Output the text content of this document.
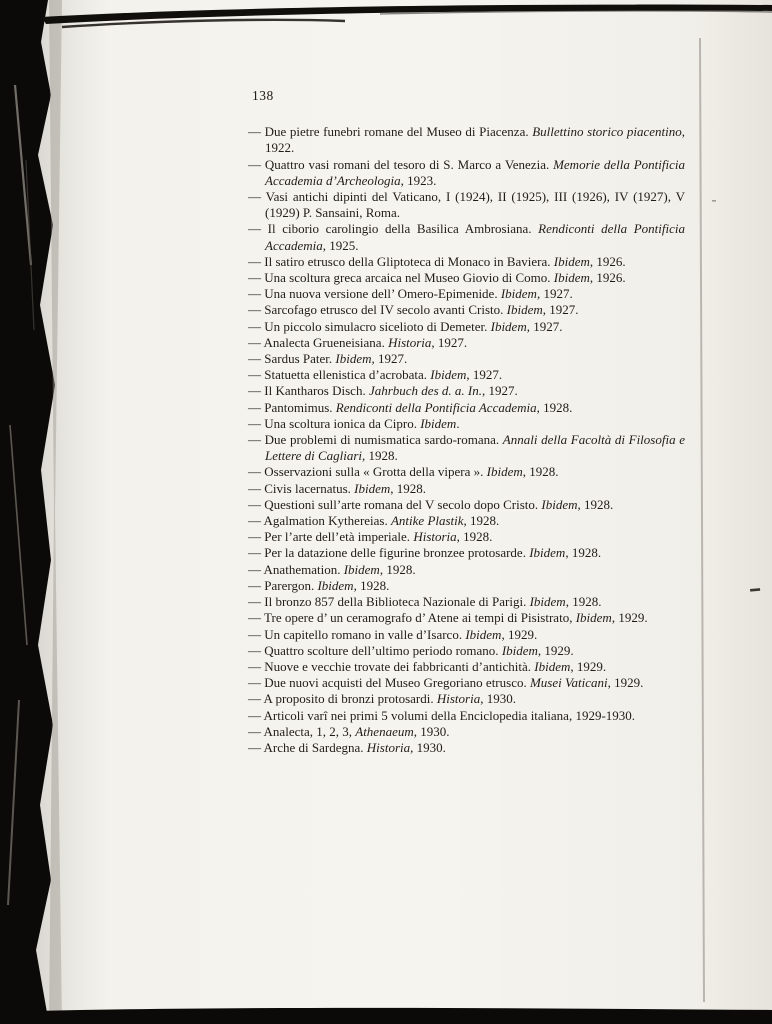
138
— Due pietre funebri romane del Museo di Piacenza. Bullettino storico piacentino, 1922.
— Quattro vasi romani del tesoro di S. Marco a Venezia. Memorie della Pontificia Accademia d’Archeologia, 1923.
— Vasi antichi dipinti del Vaticano, I (1924), II (1925), III (1926), IV (1927), V (1929) P. Sansaini, Roma.
— Il ciborio carolingio della Basilica Ambrosiana. Rendiconti della Pontificia Accademia, 1925.
— Il satiro etrusco della Gliptoteca di Monaco in Baviera. Ibidem, 1926.
— Una scoltura greca arcaica nel Museo Giovio di Como. Ibidem, 1926.
— Una nuova versione dell’ Omero-Epimenide. Ibidem, 1927.
— Sarcofago etrusco del IV secolo avanti Cristo. Ibidem, 1927.
— Un piccolo simulacro sicelioto di Demeter. Ibidem, 1927.
— Analecta Grueneisiana. Historia, 1927.
— Sardus Pater. Ibidem, 1927.
— Statuetta ellenistica d’acrobata. Ibidem, 1927.
— Il Kantharos Disch. Jahrbuch des d. a. In., 1927.
— Pantomimus. Rendiconti della Pontificia Accademia, 1928.
— Una scoltura ionica da Cipro. Ibidem.
— Due problemi di numismatica sardo-romana. Annali della Facoltà di Filosofia e Lettere di Cagliari, 1928.
— Osservazioni sulla « Grotta della vipera ». Ibidem, 1928.
— Civis lacernatus. Ibidem, 1928.
— Questioni sull’arte romana del V secolo dopo Cristo. Ibidem, 1928.
— Agalmation Kythereias. Antike Plastik, 1928.
— Per l’arte dell’età imperiale. Historia, 1928.
— Per la datazione delle figurine bronzee protosarde. Ibidem, 1928.
— Anathemation. Ibidem, 1928.
— Parergon. Ibidem, 1928.
— Il bronzo 857 della Biblioteca Nazionale di Parigi. Ibidem, 1928.
— Tre opere d’ un ceramografo d’ Atene ai tempi di Pisistrato, Ibidem, 1929.
— Un capitello romano in valle d’Isarco. Ibidem, 1929.
— Quattro scolture dell’ultimo periodo romano. Ibidem, 1929.
— Nuove e vecchie trovate dei fabbricanti d’antichità. Ibidem, 1929.
— Due nuovi acquisti del Museo Gregoriano etrusco. Musei Vaticani, 1929.
— A proposito di bronzi protosardi. Historia, 1930.
— Articoli varî nei primi 5 volumi della Enciclopedia italiana, 1929-1930.
— Analecta, 1, 2, 3, Athenaeum, 1930.
— Arche di Sardegna. Historia, 1930.
